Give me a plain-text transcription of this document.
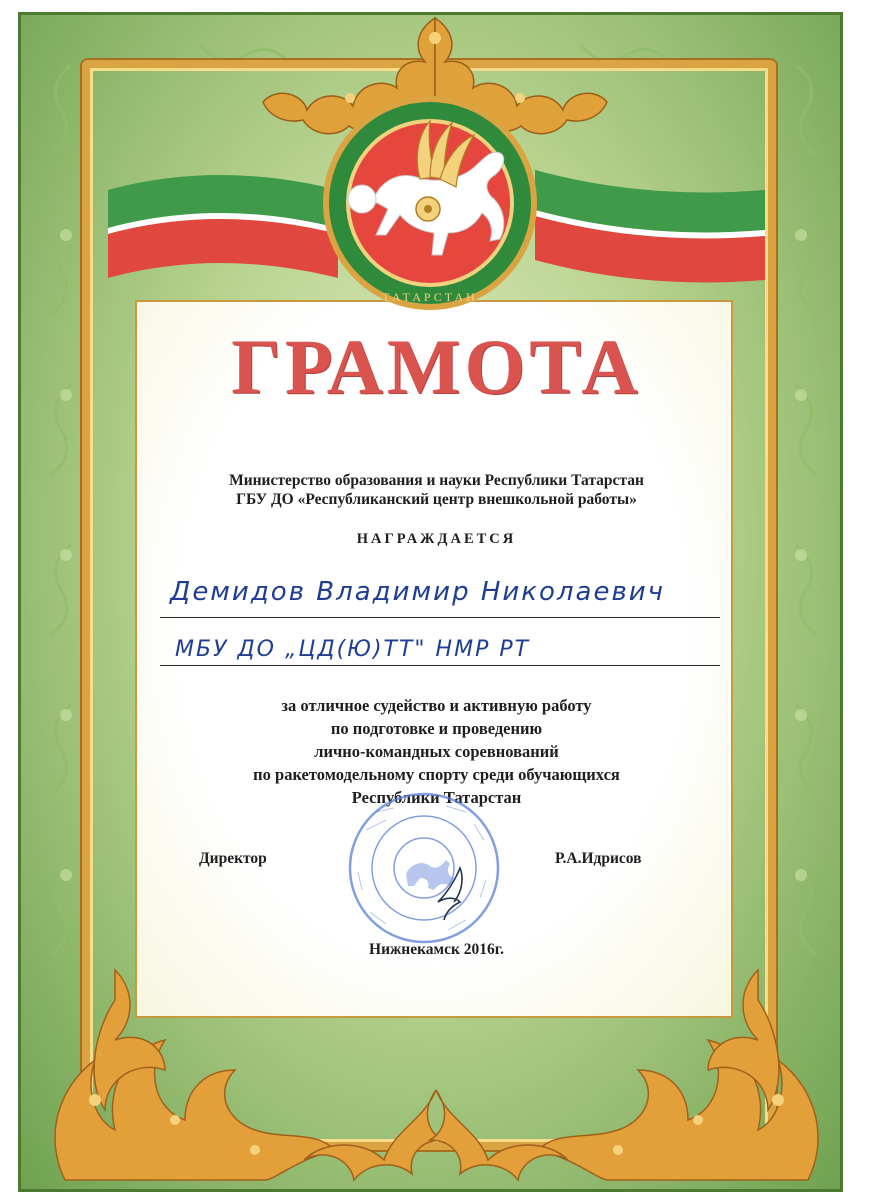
ТАТАРСТАН
ГРАМОТА
Министерство образования и науки Республики Татарстан
ГБУ ДО «Республиканский центр внешкольной работы»
НАГРАЖДАЕТСЯ
Демидов Владимир Николаевич
МБУ ДО „ЦД(Ю)ТТ" НМР РТ
за отличное судейство и активную работу
по подготовке и проведению
лично-командных соревнований
по ракетомодельному спорту среди обучающихся
Республики Татарстан
Директор	Р.А.Идрисов
Нижнекамск 2016г.
